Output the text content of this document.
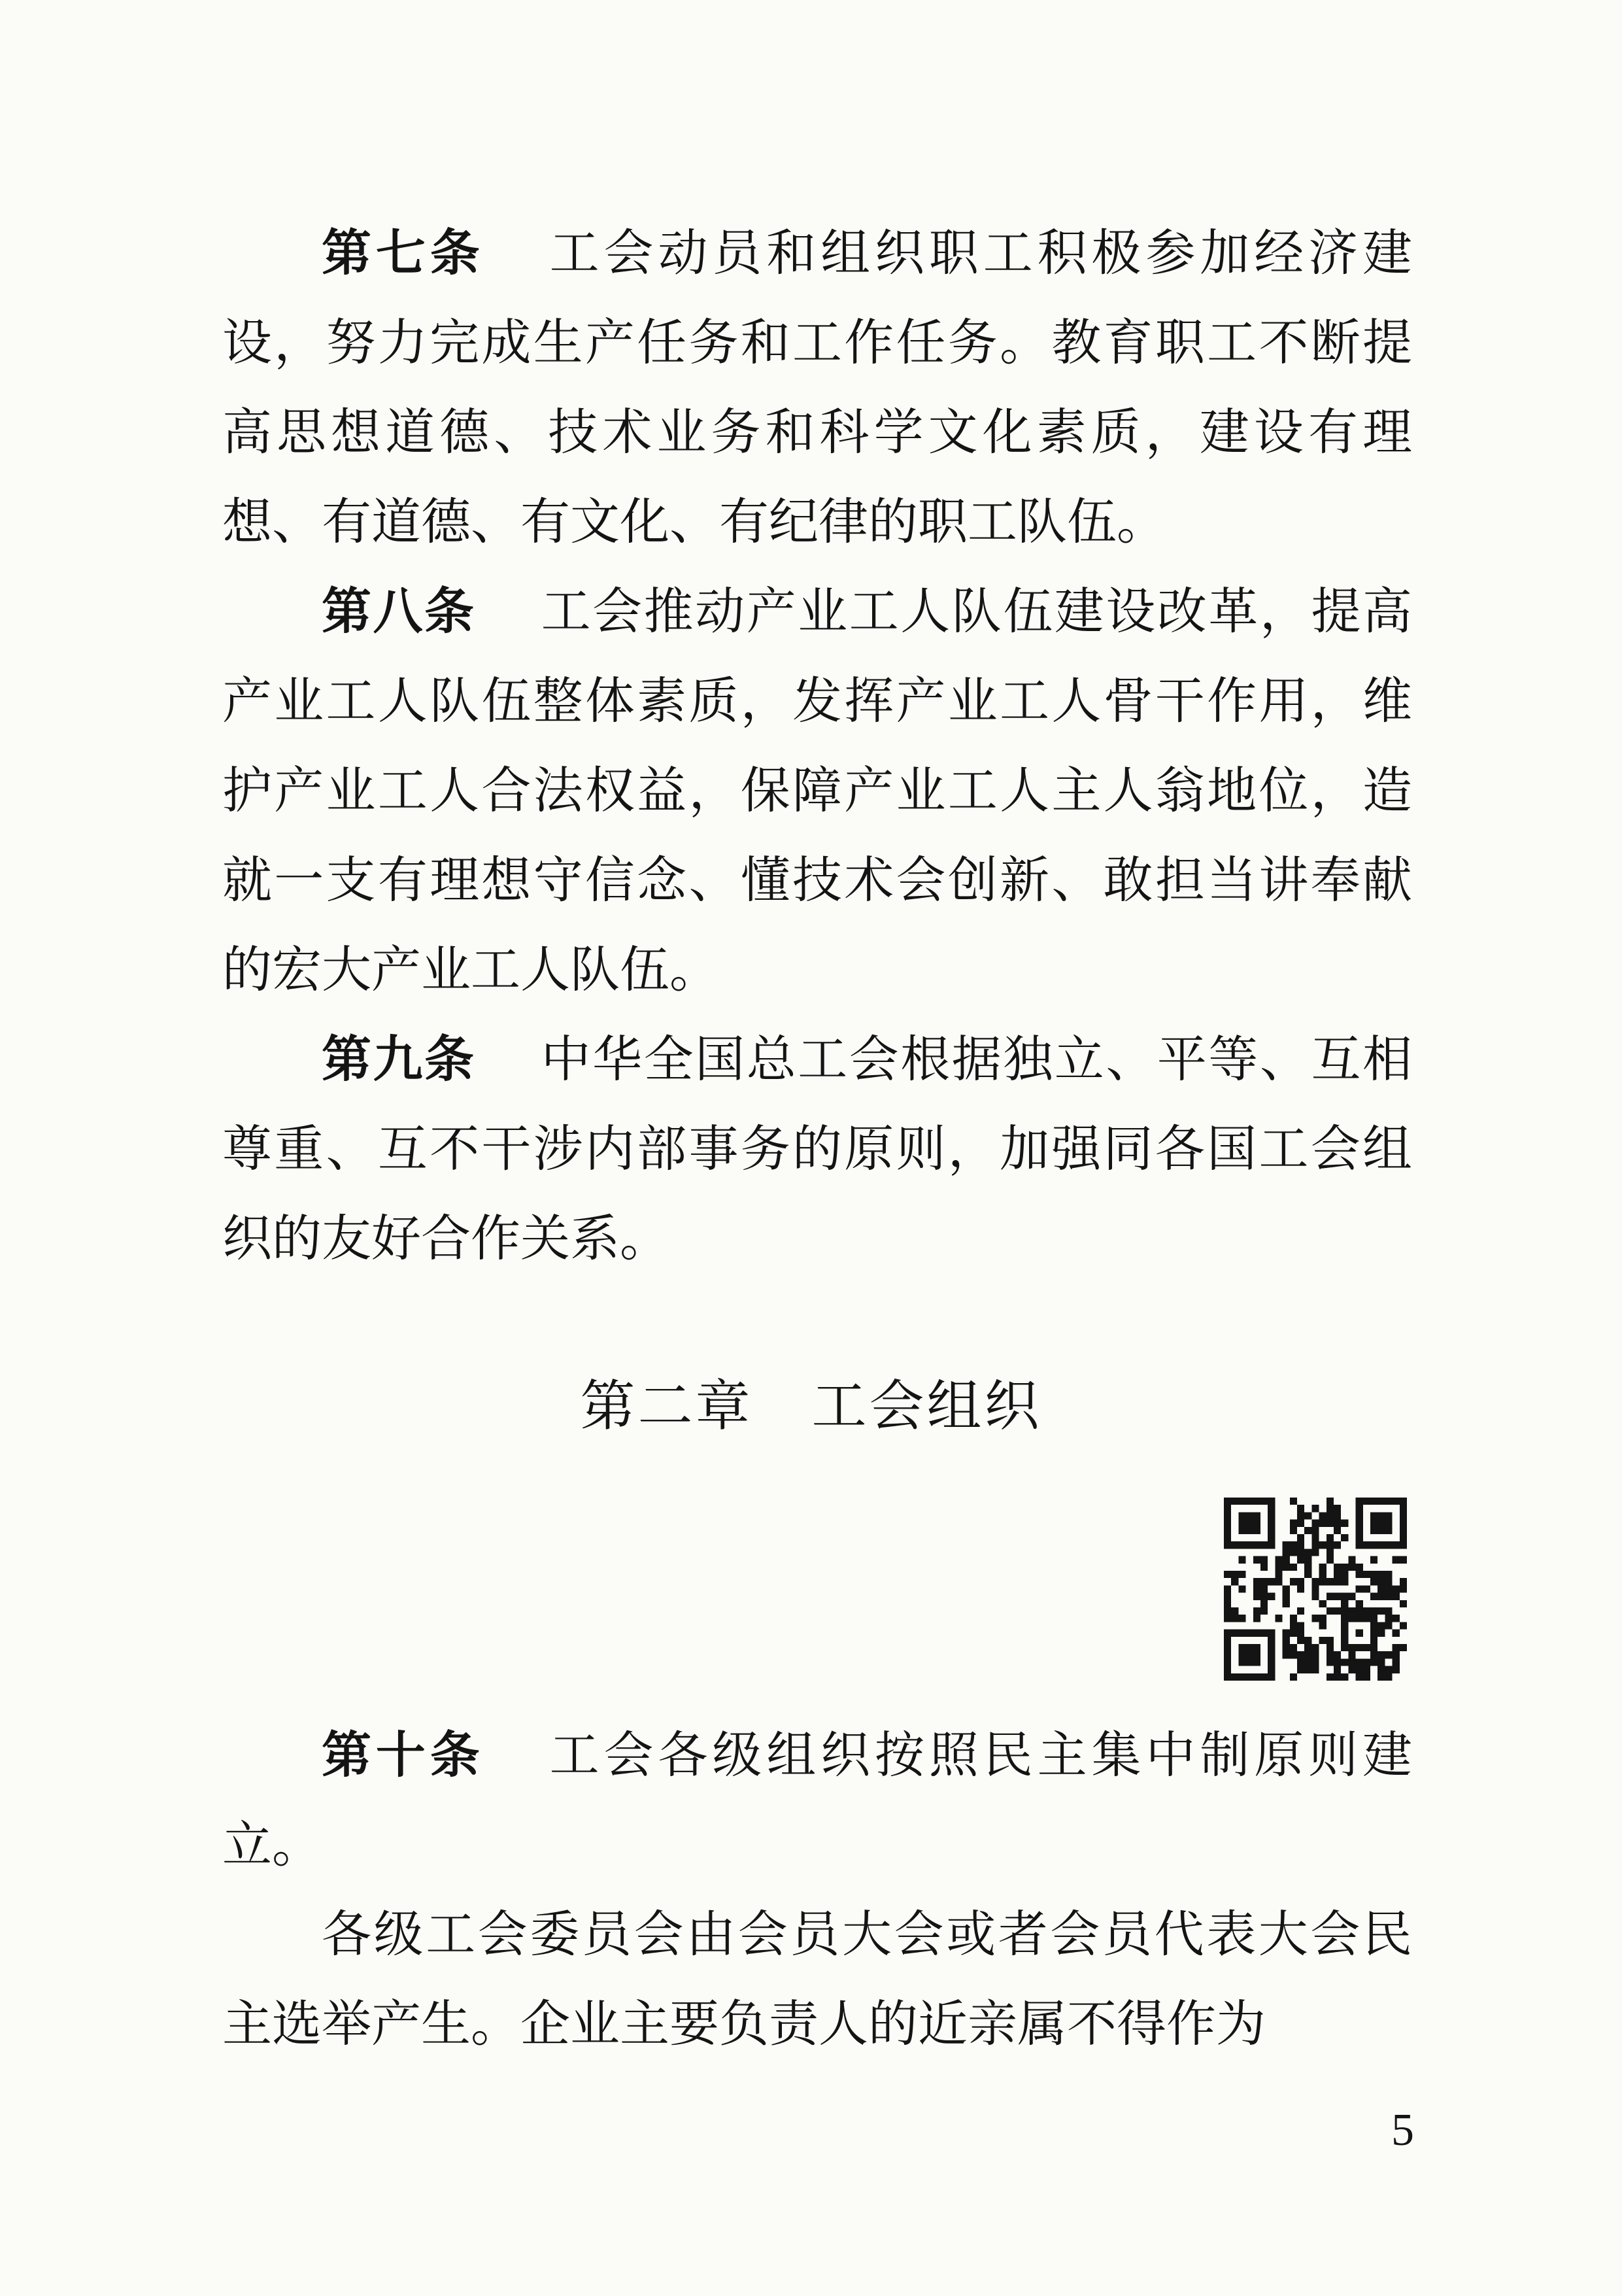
第七条 工会动员和组织职工积极参加经济建设，努力完成生产任务和工作任务。教育职工不断提高思想道德、技术业务和科学文化素质，建设有理想、有道德、有文化、有纪律的职工队伍。

第八条 工会推动产业工人队伍建设改革，提高产业工人队伍整体素质，发挥产业工人骨干作用，维护产业工人合法权益，保障产业工人主人翁地位，造就一支有理想守信念、懂技术会创新、敢担当讲奉献的宏大产业工人队伍。

第九条 中华全国总工会根据独立、平等、互相尊重、互不干涉内部事务的原则，加强同各国工会组织的友好合作关系。

第二章 工会组织

第十条 工会各级组织按照民主集中制原则建立。

各级工会委员会由会员大会或者会员代表大会民主选举产生。企业主要负责人的近亲属不得作为

5
